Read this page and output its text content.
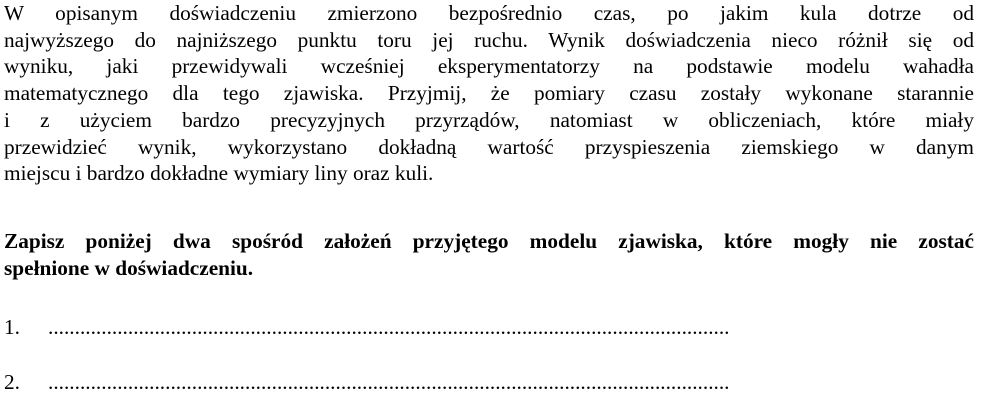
W opisanym doświadczeniu zmierzono bezpośrednio czas, po jakim kula dotrze od
najwyższego do najniższego punktu toru jej ruchu. Wynik doświadczenia nieco różnił się od
wyniku, jaki przewidywali wcześniej eksperymentatorzy na podstawie modelu wahadła
matematycznego dla tego zjawiska. Przyjmij, że pomiary czasu zostały wykonane starannie
i z użyciem bardzo precyzyjnych przyrządów, natomiast w obliczeniach, które miały
przewidzieć wynik, wykorzystano dokładną wartość przyspieszenia ziemskiego w danym
miejscu i bardzo dokładne wymiary liny oraz kuli.

Zapisz poniżej dwa spośród założeń przyjętego modelu zjawiska, które mogły nie zostać
spełnione w doświadczeniu.
1. ................................................................................................................................
2. ................................................................................................................................
